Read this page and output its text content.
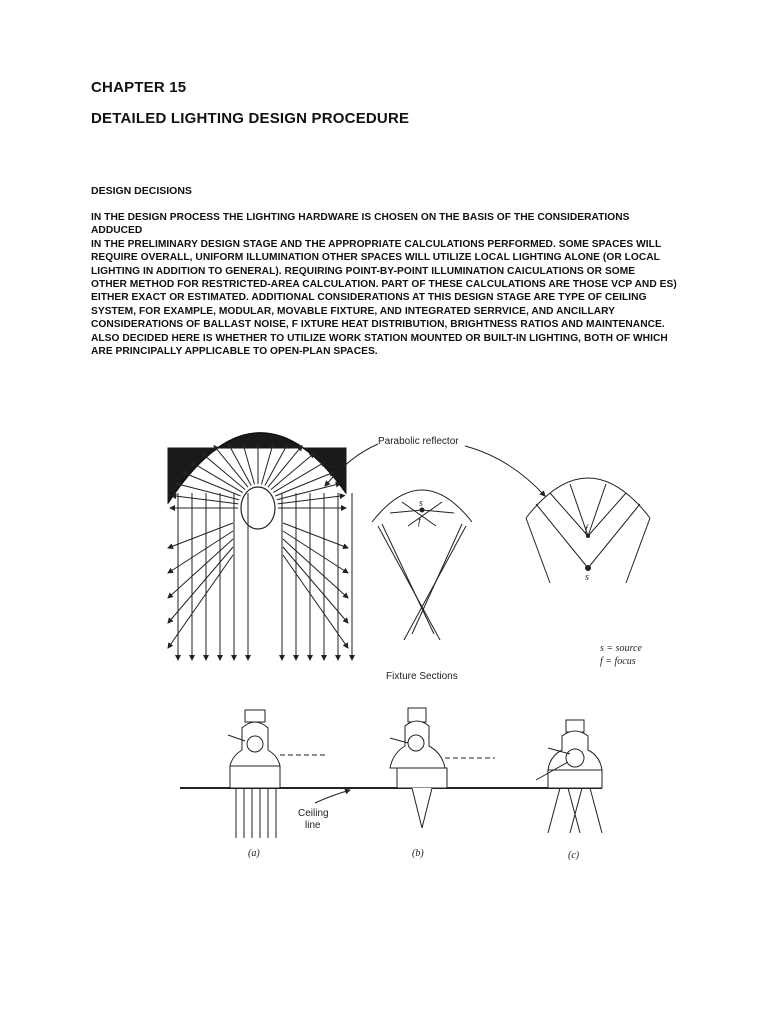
CHAPTER 15
DETAILED LIGHTING DESIGN PROCEDURE
DESIGN DECISIONS
IN THE DESIGN PROCESS THE LIGHTING HARDWARE IS CHOSEN ON THE BASIS OF THE CONSIDERATIONS ADDUCED
IN THE PRELIMINARY DESIGN STAGE AND THE APPROPRIATE CALCULATIONS PERFORMED. SOME SPACES WILL
REQUIRE OVERALL, UNIFORM ILLUMINATION OTHER SPACES WILL UTILIZE LOCAL LIGHTING ALONE (OR LOCAL
LIGHTING IN ADDITION TO GENERAL). REQUIRING POINT-BY-POINT ILLUMINATION CAICULATIONS OR SOME
OTHER METHOD FOR RESTRICTED-AREA CALCULATION. PART OF THESE CALCULATIONS ARE THOSE VCP AND ES)
EITHER EXACT OR ESTIMATED. ADDITIONAL CONSIDERATIONS AT THIS DESIGN STAGE ARE TYPE OF CEILING
SYSTEM, FOR EXAMPLE, MODULAR, MOVABLE FIXTURE, AND INTEGRATED SERRVICE, AND ANCILLARY
CONSIDERATIONS OF BALLAST NOISE, F IXTURE HEAT DISTRIBUTION, BRIGHTNESS RATIOS AND MAINTENANCE.
ALSO DECIDED HERE IS WHETHER TO UTILIZE WORK STATION MOUNTED OR BUILT-IN LIGHTING, BOTH OF WHICH
ARE PRINCIPALLY APPLICABLE TO OPEN-PLAN SPACES.
Parabolic reflector
s = source
f = focus
Fixture Sections
Ceiling
line
(a)	(b)	(c)
s
f
f
s
